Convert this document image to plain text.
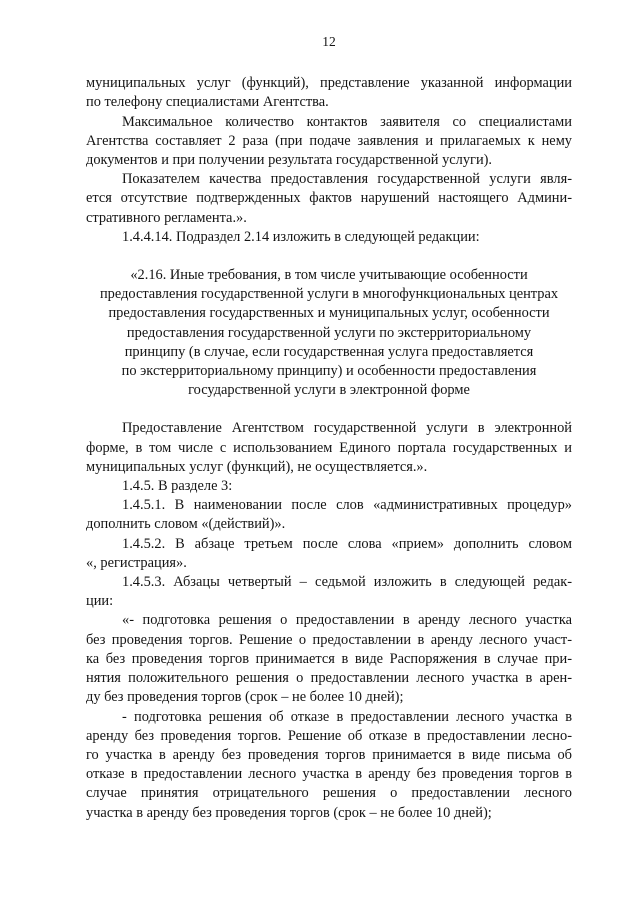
12
муниципальных услуг (функций), представление указанной информации
по телефону специалистами Агентства.
Максимальное количество контактов заявителя со специалистами
Агентства составляет 2 раза (при подаче заявления и прилагаемых к нему
документов и при получении результата государственной услуги).
Показателем качества предоставления государственной услуги явля-
ется отсутствие подтвержденных фактов нарушений настоящего Админи-
стративного регламента.».
1.4.4.14. Подраздел 2.14 изложить в следующей редакции:
«2.16. Иные требования, в том числе учитывающие особенности
предоставления государственной услуги в многофункциональных центрах
предоставления государственных и муниципальных услуг, особенности
предоставления государственной услуги по экстерриториальному
принципу (в случае, если государственная услуга предоставляется
по экстерриториальному принципу) и особенности предоставления
государственной услуги в электронной форме
Предоставление Агентством государственной услуги в электронной
форме, в том числе с использованием Единого портала государственных и
муниципальных услуг (функций), не осуществляется.».
1.4.5. В разделе 3:
1.4.5.1. В наименовании после слов «административных процедур»
дополнить словом «(действий)».
1.4.5.2. В абзаце третьем после слова «прием» дополнить словом
«, регистрация».
1.4.5.3. Абзацы четвертый – седьмой изложить в следующей редак-
ции:
«- подготовка решения о предоставлении в аренду лесного участка
без проведения торгов. Решение о предоставлении в аренду лесного участ-
ка без проведения торгов принимается в виде Распоряжения в случае при-
нятия положительного решения о предоставлении лесного участка в арен-
ду без проведения торгов (срок – не более 10 дней);
- подготовка решения об отказе в предоставлении лесного участка в
аренду без проведения торгов. Решение об отказе в предоставлении лесно-
го участка в аренду без проведения торгов принимается в виде письма об
отказе в предоставлении лесного участка в аренду без проведения торгов в
случае принятия отрицательного решения о предоставлении лесного
участка в аренду без проведения торгов (срок – не более 10 дней);
